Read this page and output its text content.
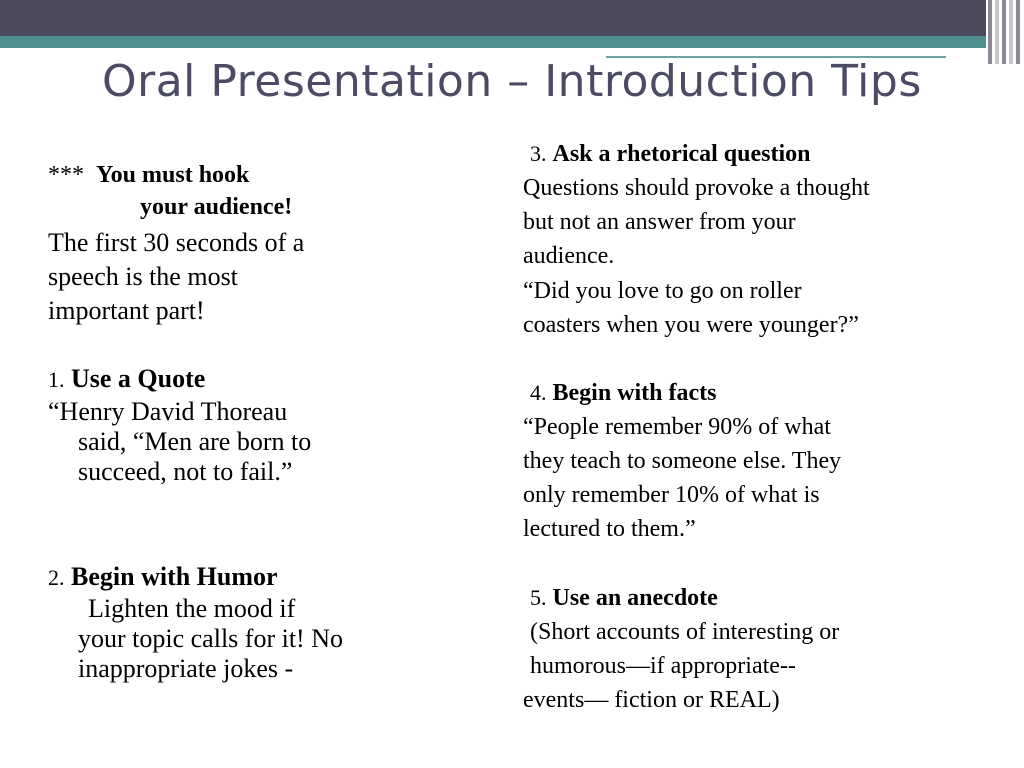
Oral Presentation – Introduction Tips
*** You must hook
your audience!
The first 30 seconds of a
speech is the most
important part!
1. Use a Quote
“Henry David Thoreau
said, “Men are born to
succeed, not to fail.”
2. Begin with Humor
Lighten the mood if
your topic calls for it! No
inappropriate jokes -
3. Ask a rhetorical question
Questions should provoke a thought
but not an answer from your
audience.
“Did you love to go on roller
coasters when you were younger?”
4. Begin with facts
“People remember 90% of what
they teach to someone else. They
only remember 10% of what is
lectured to them.”
5. Use an anecdote
(Short accounts of interesting or
humorous—if appropriate--
events— fiction or REAL)
